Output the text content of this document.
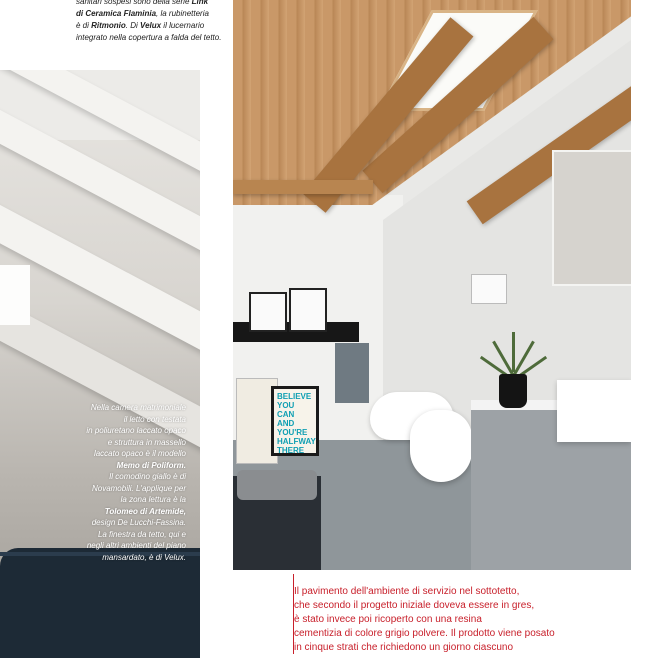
sanitari sospesi sono della serie Link
di Ceramica Flaminia, la rubinetteria
è di Ritmonio. Di Velux il lucernario
integrato nella copertura a falda del tetto.
Nella camera matrimoniale
il letto con testata
in poliuretano laccato opaco
e struttura in massello
laccato opaco è il modello
Memo di Poliform.
Il comodino giallo è di
Novamobili. L'applique per
la zona lettura è la
Tolomeo di Artemide,
design De Lucchi-Fassina.
La finestra da tetto, qui e
negli altri ambienti del piano
mansardato, è di Velux.
BELIEVE YOU CAN AND YOU'RE HALFWAY THERE
Il pavimento dell'ambiente di servizio nel sottotetto,
che secondo il progetto iniziale doveva essere in gres,
è stato invece poi ricoperto con una resina
cementizia di colore grigio polvere. Il prodotto viene posato
in cinque strati che richiedono un giorno ciascuno
